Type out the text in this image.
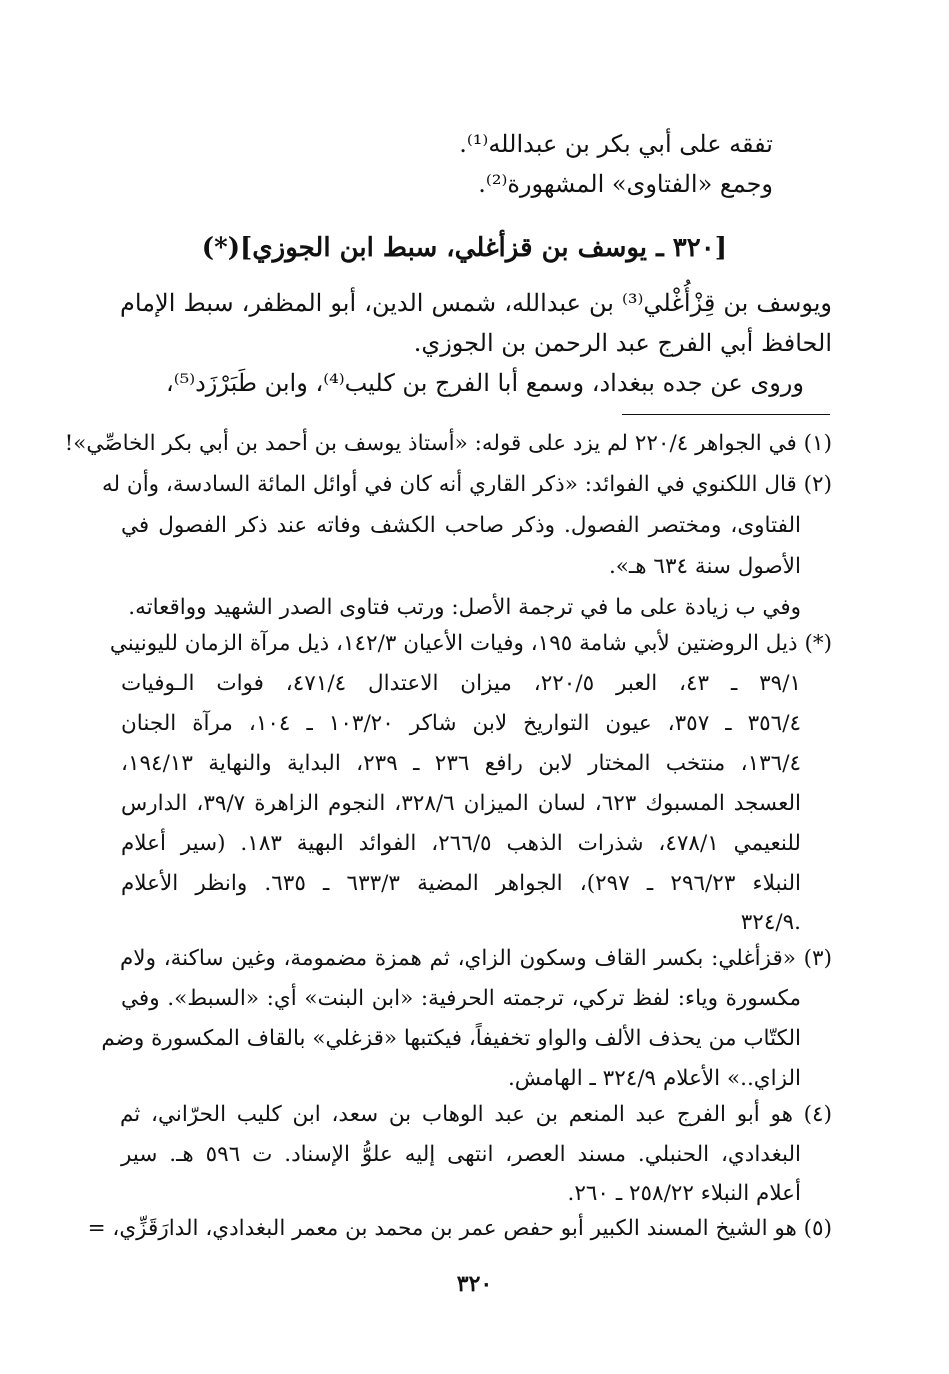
تفقه على أبي بكر بن عبدالله⁽¹⁾.
وجمع «الفتاوى» المشهورة⁽²⁾.
[٣٢٠ ـ يوسف بن قزأغلي، سبط ابن الجوزي](*)
ويوسف بن قِزْأُغْلي⁽³⁾ بن عبدالله، شمس الدين، أبو المظفر، سبط الإمام
الحافظ أبي الفرج عبد الرحمن بن الجوزي.
وروى عن جده ببغداد، وسمع أبا الفرج بن كليب⁽⁴⁾، وابن طَبَرْزَد⁽⁵⁾،
(١) في الجواهر ٢٢٠/٤ لم يزد على قوله: «أستاذ يوسف بن أحمد بن أبي بكر الخاصِّي»!
(٢) قال اللكنوي في الفوائد: «ذكر القاري أنه كان في أوائل المائة السادسة، وأن له
الفتاوى، ومختصر الفصول. وذكر صاحب الكشف وفاته عند ذكر الفصول في
الأصول سنة ٦٣٤ هـ».
وفي ب زيادة على ما في ترجمة الأصل: ورتب فتاوى الصدر الشهيد وواقعاته.
(*) ذيل الروضتين لأبي شامة ١٩٥، وفيات الأعيان ١٤٢/٣، ذيل مرآة الزمان لليونيني
٣٩/١ ـ ٤٣، العبر ٢٢٠/٥، ميزان الاعتدال ٤٧١/٤، فوات الـوفيات
٣٥٦/٤ ـ ٣٥٧، عيون التواريخ لابن شاكر ١٠٣/٢٠ ـ ١٠٤، مرآة الجنان
١٣٦/٤، منتخب المختار لابن رافع ٢٣٦ ـ ٢٣٩، البداية والنهاية ١٩٤/١٣،
العسجد المسبوك ٦٢٣، لسان الميزان ٣٢٨/٦، النجوم الزاهرة ٣٩/٧، الدارس
للنعيمي ٤٧٨/١، شذرات الذهب ٢٦٦/٥، الفوائد البهية ١٨٣. (سير أعلام
النبلاء ٢٩٦/٢٣ ـ ٢٩٧)، الجواهر المضية ٦٣٣/٣ ـ ٦٣٥. وانظر الأعلام
٣٢٤/٩.
(٣) «قزأغلي: بكسر القاف وسكون الزاي، ثم همزة مضمومة، وغين ساكنة، ولام
مكسورة وياء: لفظ تركي، ترجمته الحرفية: «ابن البنت» أي: «السبط». وفي
الكتّاب من يحذف الألف والواو تخفيفاً، فيكتبها «قزغلي» بالقاف المكسورة وضم
الزاي..» الأعلام ٣٢٤/٩ ـ الهامش.
(٤) هو أبو الفرج عبد المنعم بن عبد الوهاب بن سعد، ابن كليب الحرّاني، ثم
البغدادي، الحنبلي. مسند العصر، انتهى إليه علوُّ الإسناد. ت ٥٩٦ هـ. سير
أعلام النبلاء ٢٥٨/٢٢ ـ ٢٦٠.
(٥) هو الشيخ المسند الكبير أبو حفص عمر بن محمد بن معمر البغدادي، الدارَقَزِّي، =
٣٢٠
